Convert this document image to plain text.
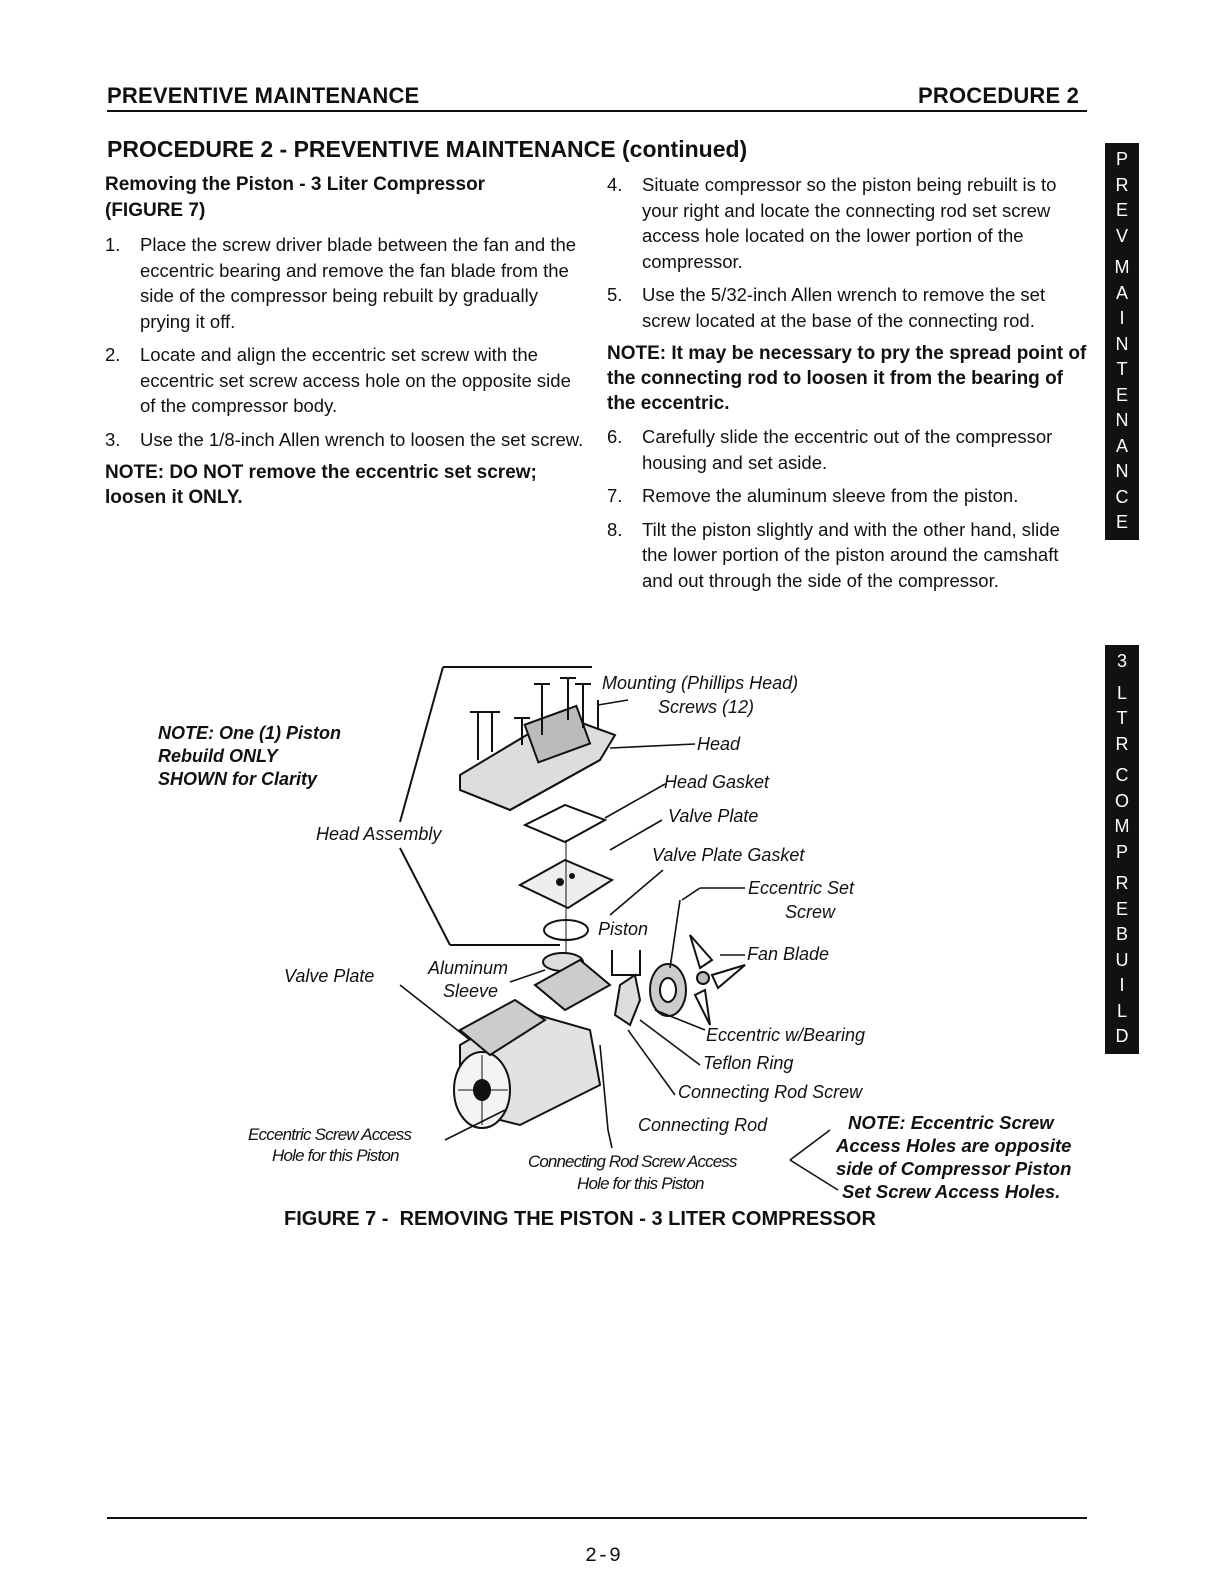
PREVENTIVE MAINTENANCE	PROCEDURE 2
PROCEDURE 2 - PREVENTIVE MAINTENANCE (continued)
Removing the Piston - 3 Liter Compressor
(FIGURE 7)
1. Place the screw driver blade between the fan and the eccentric bearing and remove the fan blade from the side of the compressor being rebuilt by gradually prying it off.
2. Locate and align the eccentric set screw with the eccentric set screw access hole on the opposite side of the compressor body.
3. Use the 1/8-inch Allen wrench to loosen the set screw.
NOTE: DO NOT remove the eccentric set screw; loosen it ONLY.
4. Situate compressor so the piston being rebuilt is to your right and locate the connecting rod set screw access hole located on the lower portion of the compressor.
5. Use the 5/32-inch Allen wrench to remove the set screw located at the base of the connecting rod.
NOTE: It may be necessary to pry the spread point of the connecting rod to loosen it from the bearing of the eccentric.
6. Carefully slide the eccentric out of the compressor housing and set aside.
7. Remove the aluminum sleeve from the piston.
8. Tilt the piston slightly and with the other hand, slide the lower portion of the piston around the camshaft and out through the side of the compressor.
P
R
E
V
M
A
I
N
T
E
N
A
N
C
E
3
L
T
R
C
O
M
P
R
E
B
U
I
L
D
NOTE: One (1) Piston
Rebuild ONLY
SHOWN for Clarity
Mounting (Phillips Head)
Screws (12)
Head
Head Gasket
Valve Plate
Valve Plate Gasket
Eccentric Set
Screw
Head Assembly
Piston
Fan Blade
Valve Plate	Aluminum
Sleeve
Eccentric w/Bearing
Teflon Ring
Connecting Rod Screw
Connecting Rod
Eccentric Screw Access
Hole for this Piston	Connecting Rod Screw Access
Hole for this Piston
NOTE: Eccentric Screw
Access Holes are opposite
side of Compressor Piston
Set Screw Access Holes.
FIGURE 7 -  REMOVING THE PISTON - 3 LITER COMPRESSOR
2-9
